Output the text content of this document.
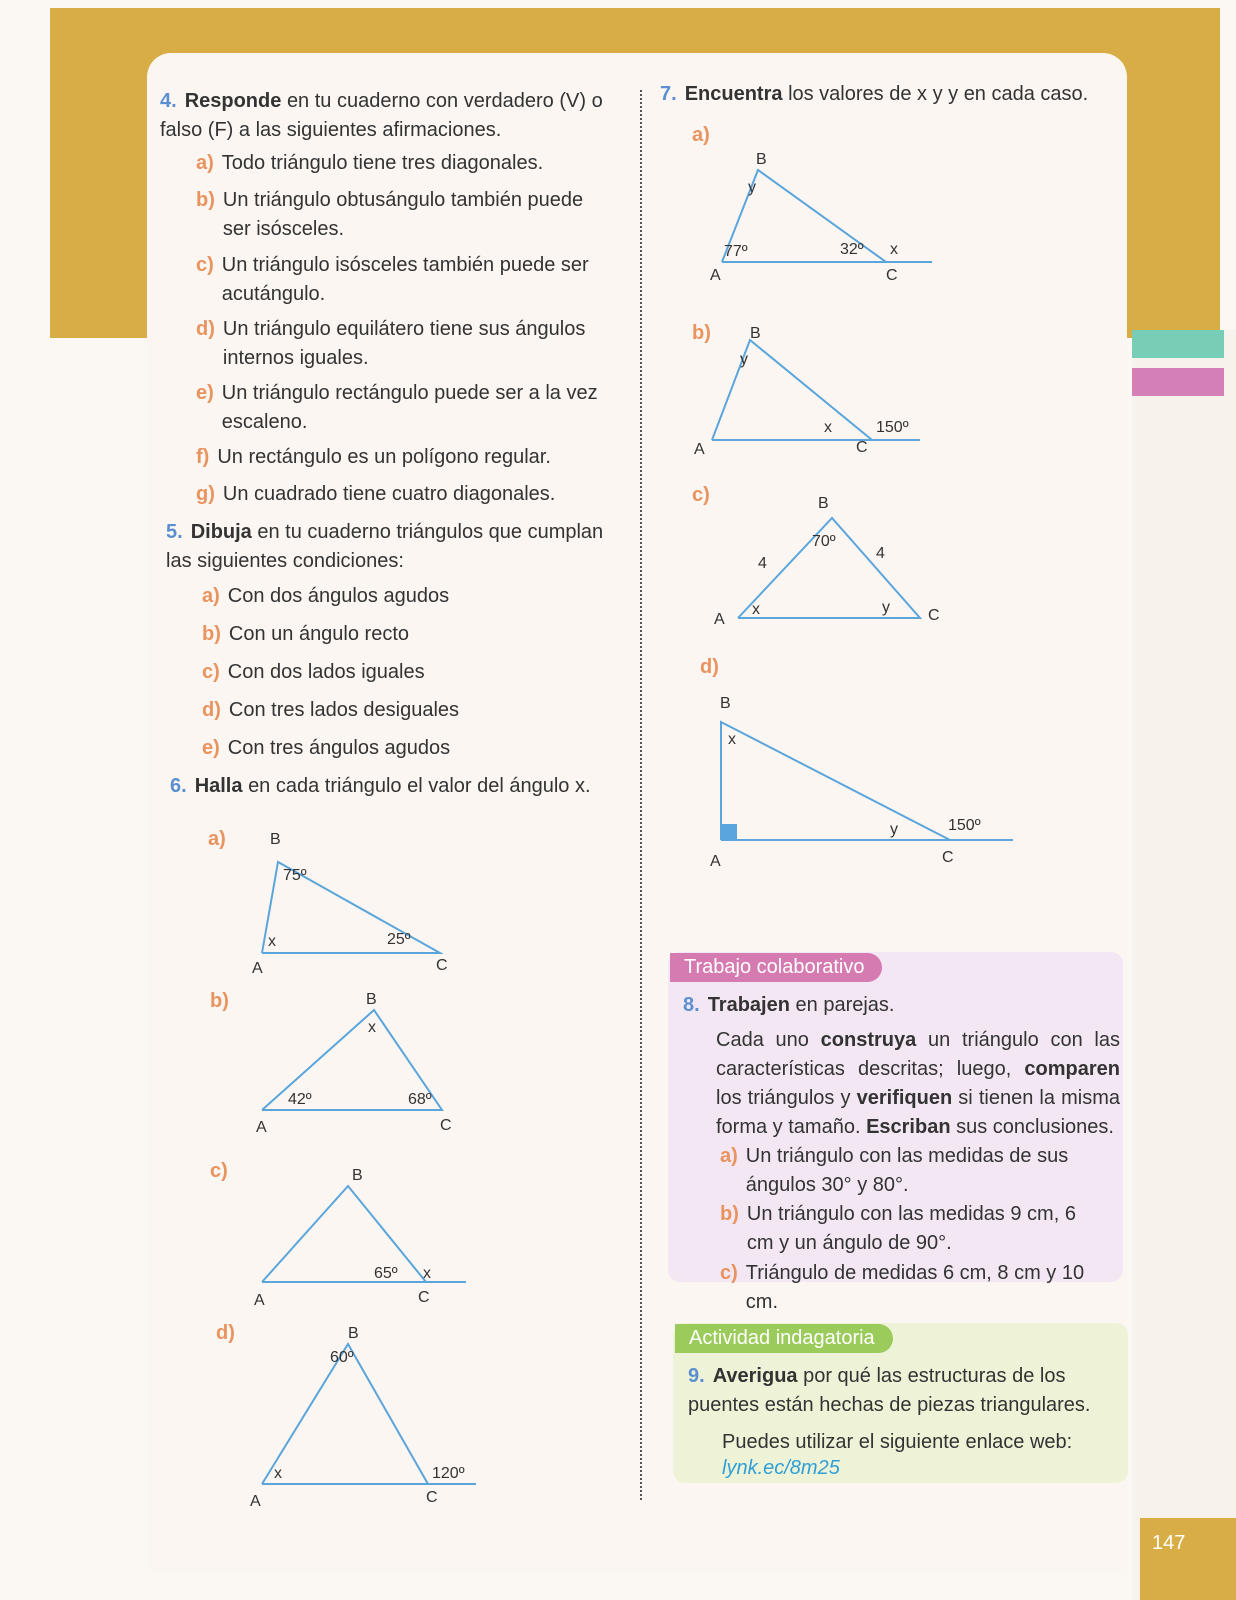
4. Responde en tu cuaderno con verdadero (V) o falso (F) a las siguientes afirmaciones.
a) Todo triángulo tiene tres diagonales.
b) Un triángulo obtusángulo también puede ser isósceles.
c) Un triángulo isósceles también puede ser acutángulo.
d) Un triángulo equilátero tiene sus ángulos internos iguales.
e) Un triángulo rectángulo puede ser a la vez escaleno.
f) Un rectángulo es un polígono regular.
g) Un cuadrado tiene cuatro diagonales.
5. Dibuja en tu cuaderno triángulos que cumplan las siguientes condiciones:
a) Con dos ángulos agudos
b) Con un ángulo recto
c) Con dos lados iguales
d) Con tres lados desiguales
e) Con tres ángulos agudos
6. Halla en cada triángulo el valor del ángulo x.
a)	B
75º
x	25º
A	C
b)	B
x
42º	68º
A	C
c)	B
65º x
A	C
d)	B
60º
x	120º
A	C
7. Encuentra los valores de x y y en cada caso.
a)
B
y
77º	32º x
A	C
b) B
y
x	150º
A	C
c)	B
70º
4
4
x	y
A	C
d)
B
x
y	150º
A	C
Trabajo colaborativo
8. Trabajen en parejas.
Cada uno construya un triángulo con las características descritas; luego, comparen los triángulos y verifiquen si tienen la misma forma y tamaño. Escriban sus conclusiones.
a) Un triángulo con las medidas de sus ángulos 30° y 80°.
b) Un triángulo con las medidas 9 cm, 6 cm y un ángulo de 90°.
c) Triángulo de medidas 6 cm, 8 cm y 10 cm.
Actividad indagatoria
9. Averigua por qué las estructuras de los puentes están hechas de piezas triangulares.
Puedes utilizar el siguiente enlace web:
lynk.ec/8m25
147
